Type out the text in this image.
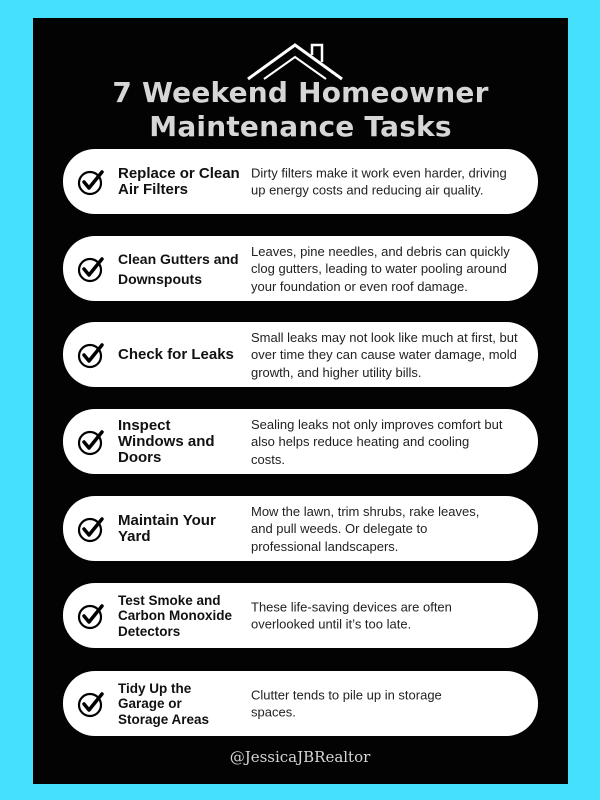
7 Weekend Homeowner
Maintenance Tasks
Replace or Clean Air Filters
Dirty filters make it work even harder, driving up energy costs and reducing air quality.
Clean Gutters and Downspouts
Leaves, pine needles, and debris can quickly clog gutters, leading to water pooling around your foundation or even roof damage.
Check for Leaks
Small leaks may not look like much at first, but over time they can cause water damage, mold growth, and higher utility bills.
Inspect Windows and Doors
Sealing leaks not only improves comfort but also helps reduce heating and cooling costs.
Maintain Your Yard
Mow the lawn, trim shrubs, rake leaves, and pull weeds. Or delegate to professional landscapers.
Test Smoke and Carbon Monoxide Detectors
These life-saving devices are often overlooked until it’s too late.
Tidy Up the Garage or Storage Areas
Clutter tends to pile up in storage spaces.
@JessicaJBRealtor
